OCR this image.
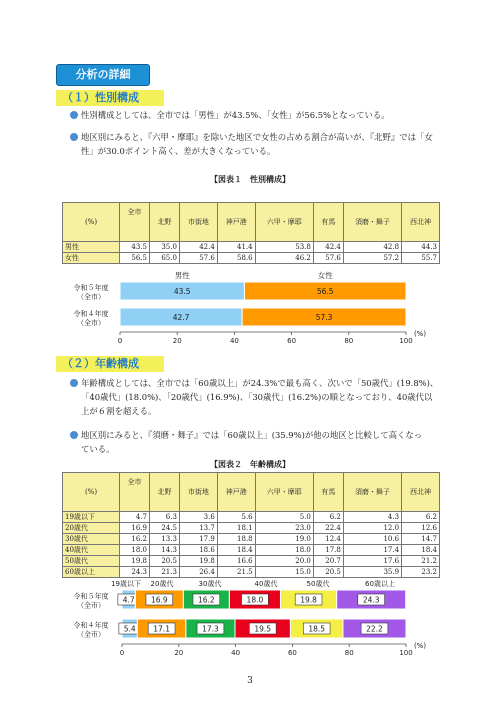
分析の詳細
（１）性別構成
性別構成としては、全市では「男性」が43.5%、「女性」が56.5%となっている。
地区別にみると、『六甲・摩耶』を除いた地区で女性の占める割合が高いが、『北野』では「女
性」が30.0ポイント高く、差が大きくなっている。
【図表１　性別構成】
(%)	全市	北野	市街地	神戸港	六甲・摩耶	有馬	須磨・舞子	西北神
男性	43.5	35.0	42.4	41.4	53.8	42.4	42.8	44.3
女性	56.5	65.0	57.6	58.6	46.2	57.6	57.2	55.7
男性	女性
令和５年度
（全市）
43.5	56.5
令和４年度
（全市）
42.7	57.3
0	20	40	60	80	100
(%)
（２）年齢構成
年齢構成としては、全市では「60歳以上」が24.3%で最も高く、次いで「50歳代」(19.8%)、
「40歳代」(18.0%)、「20歳代」(16.9%)、「30歳代」(16.2%)の順となっており、40歳代以
上が６割を超える。
地区別にみると、『須磨・舞子』では「60歳以上」(35.9%)が他の地区と比較して高くなっ
ている。
【図表２　年齢構成】
(%)	全市	北野	市街地	神戸港	六甲・摩耶	有馬	須磨・舞子	西北神
19歳以下	4.7	6.3	3.6	5.6	5.0	6.2	4.3	6.2
20歳代	16.9	24.5	13.7	18.1	23.0	22.4	12.0	12.6
30歳代	16.2	13.3	17.9	18.8	19.0	12.4	10.6	14.7
40歳代	18.0	14.3	18.6	18.4	18.0	17.8	17.4	18.4
50歳代	19.8	20.5	19.8	16.6	20.0	20.7	17.6	21.2
60歳以上	24.3	21.3	26.4	21.5	15.0	20.5	35.9	23.2
19歳以下 20歳代	30歳代	40歳代	50歳代	60歳以上
令和５年度
（全市）
4.7 16.9	16.2	18.0	19.8	24.3
令和４年度
（全市）
5.4 17.1	17.3	19.5	18.5	22.2
0	20	40	60	80	100
(%)
3
